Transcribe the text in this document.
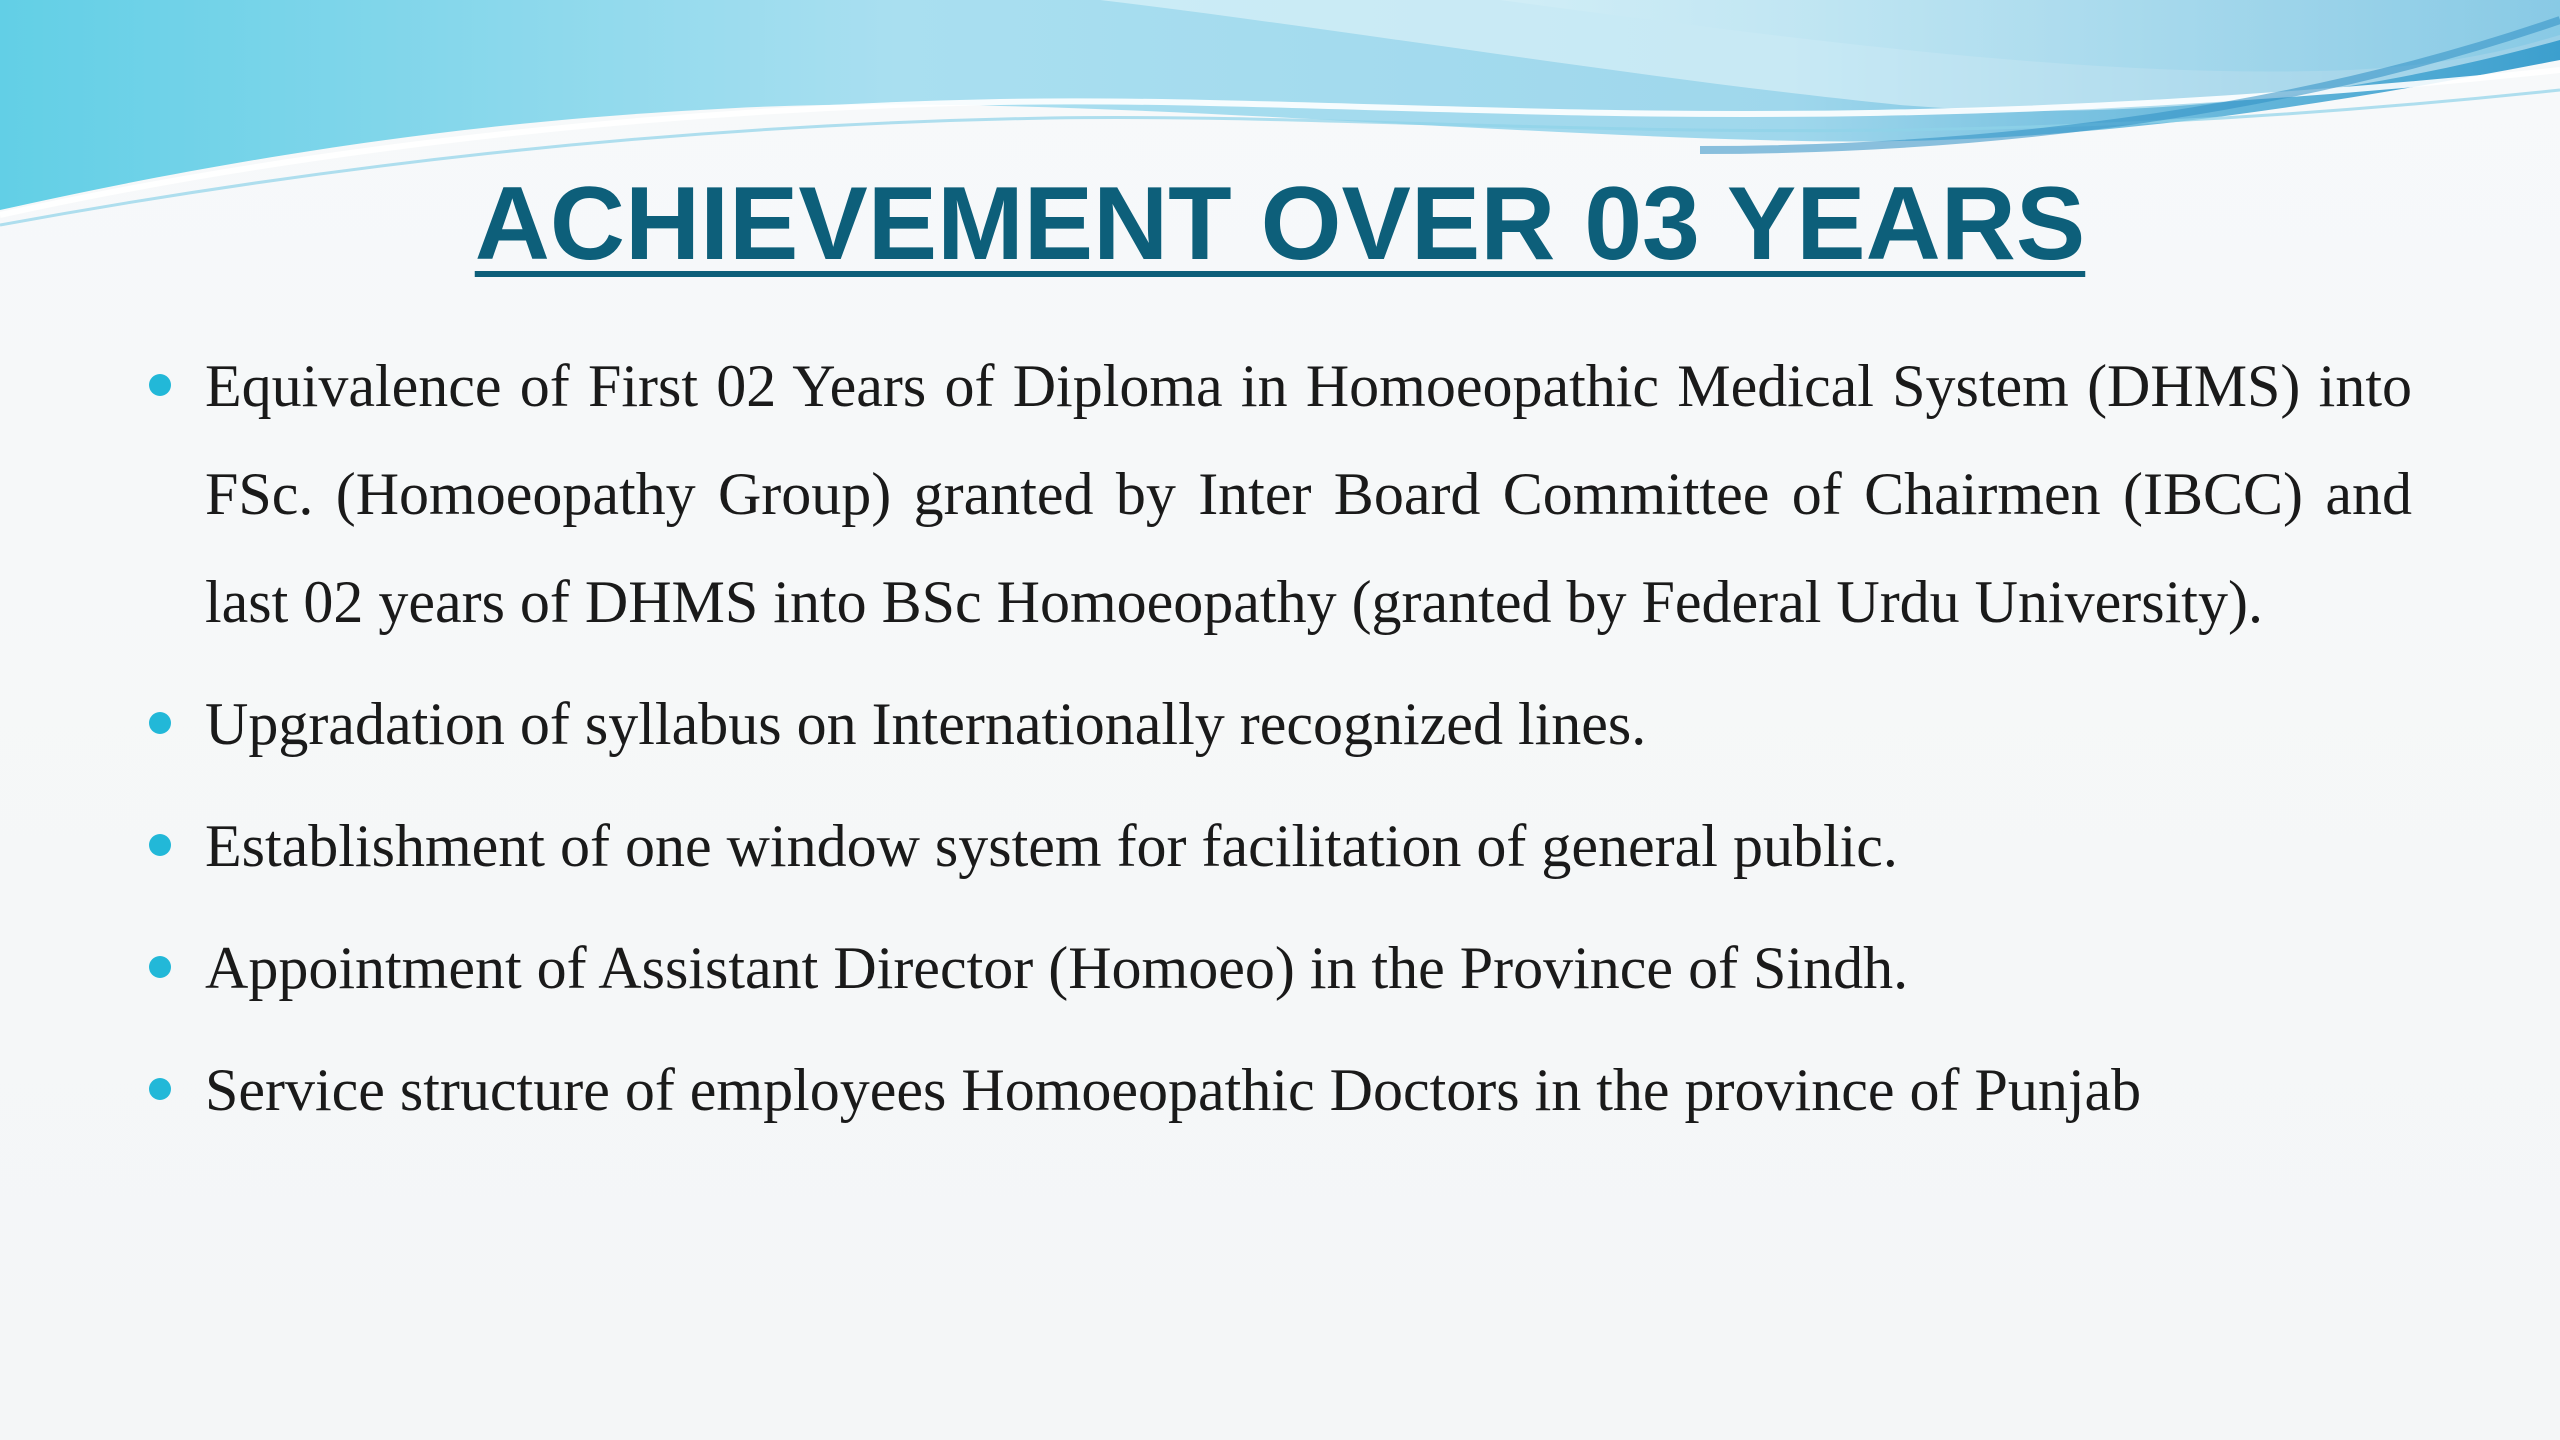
ACHIEVEMENT OVER 03 YEARS
Equivalence of First 02 Years of Diploma in Homoeopathic Medical System (DHMS) into FSc. (Homoeopathy Group) granted by Inter Board Committee of Chairmen (IBCC) and last 02 years of DHMS into BSc Homoeopathy (granted by Federal Urdu University).
Upgradation of syllabus on Internationally recognized lines.
Establishment of one window system for facilitation of general public.
Appointment of Assistant Director (Homoeo) in the Province of Sindh.
Service structure of employees Homoeopathic Doctors in the province of Punjab
